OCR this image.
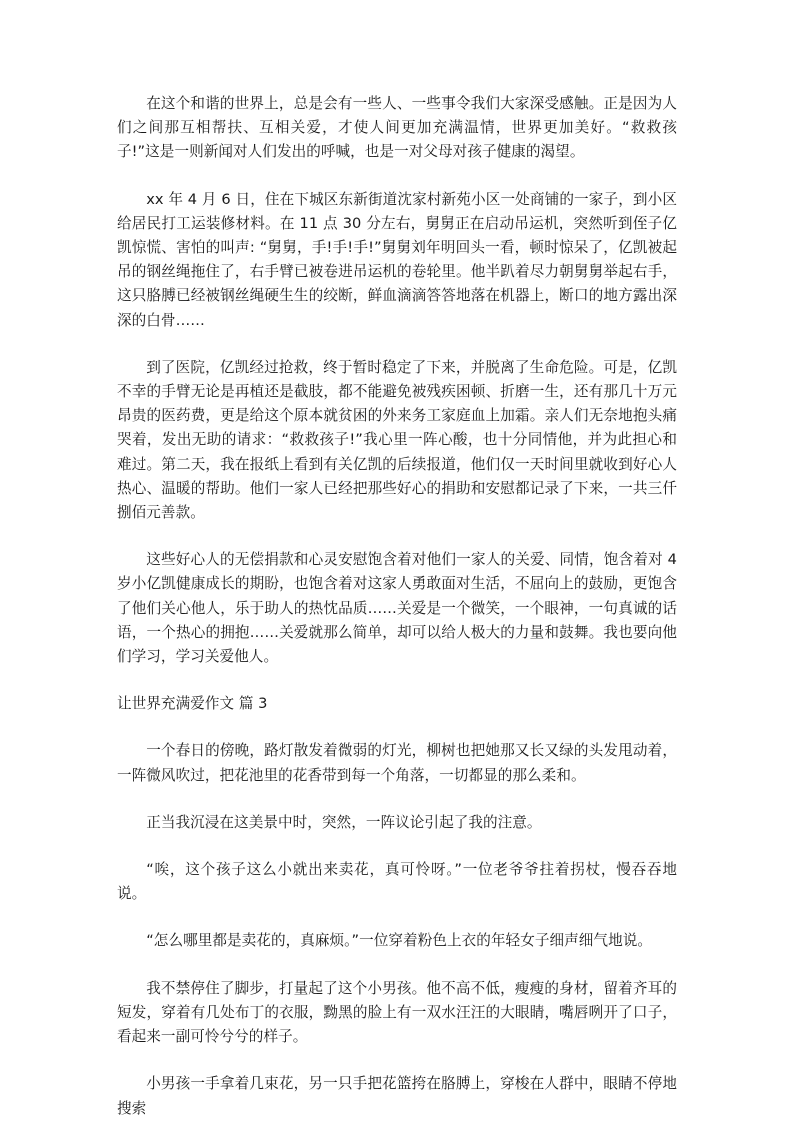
在这个和谐的世界上，总是会有一些人、一些事令我们大家深受感触。正是因为人们之间那互相帮扶、互相关爱，才使人间更加充满温情，世界更加美好。“救救孩子!”这是一则新闻对人们发出的呼喊，也是一对父母对孩子健康的渴望。

xx 年 4 月 6 日，住在下城区东新街道沈家村新苑小区一处商铺的一家子，到小区给居民打工运装修材料。在 11 点 30 分左右，舅舅正在启动吊运机，突然听到侄子亿凯惊慌、害怕的叫声: “舅舅，手!手!手!”舅舅刘年明回头一看，顿时惊呆了，亿凯被起吊的钢丝绳拖住了，右手臂已被卷进吊运机的卷轮里。他半趴着尽力朝舅舅举起右手，这只胳膊已经被钢丝绳硬生生的绞断，鲜血滴滴答答地落在机器上，断口的地方露出深深的白骨……

到了医院，亿凯经过抢救，终于暂时稳定了下来，并脱离了生命危险。可是，亿凯不幸的手臂无论是再植还是截肢，都不能避免被残疾困顿、折磨一生，还有那几十万元昂贵的医药费，更是给这个原本就贫困的外来务工家庭血上加霜。亲人们无奈地抱头痛哭着，发出无助的请求：“救救孩子!”我心里一阵心酸，也十分同情他，并为此担心和难过。第二天，我在报纸上看到有关亿凯的后续报道，他们仅一天时间里就收到好心人热心、温暖的帮助。他们一家人已经把那些好心的捐助和安慰都记录了下来，一共三仟捌佰元善款。

这些好心人的无偿捐款和心灵安慰饱含着对他们一家人的关爱、同情，饱含着对 4 岁小亿凯健康成长的期盼，也饱含着对这家人勇敢面对生活，不屈向上的鼓励，更饱含了他们关心他人，乐于助人的热忱品质……关爱是一个微笑，一个眼神，一句真诚的话语，一个热心的拥抱……关爱就那么简单，却可以给人极大的力量和鼓舞。我也要向他们学习，学习关爱他人。

让世界充满爱作文 篇 3

一个春日的傍晚，路灯散发着微弱的灯光，柳树也把她那又长又绿的头发甩动着，一阵微风吹过，把花池里的花香带到每一个角落，一切都显的那么柔和。

正当我沉浸在这美景中时，突然，一阵议论引起了我的注意。

“唉，这个孩子这么小就出来卖花，真可怜呀。”一位老爷爷拄着拐杖，慢吞吞地说。

“怎么哪里都是卖花的，真麻烦。”一位穿着粉色上衣的年轻女子细声细气地说。

我不禁停住了脚步，打量起了这个小男孩。他不高不低，瘦瘦的身材，留着齐耳的短发，穿着有几处布丁的衣服，黝黑的脸上有一双水汪汪的大眼睛，嘴唇咧开了口子，看起来一副可怜兮兮的样子。

小男孩一手拿着几束花，另一只手把花篮挎在胳膊上，穿梭在人群中，眼睛不停地搜索
